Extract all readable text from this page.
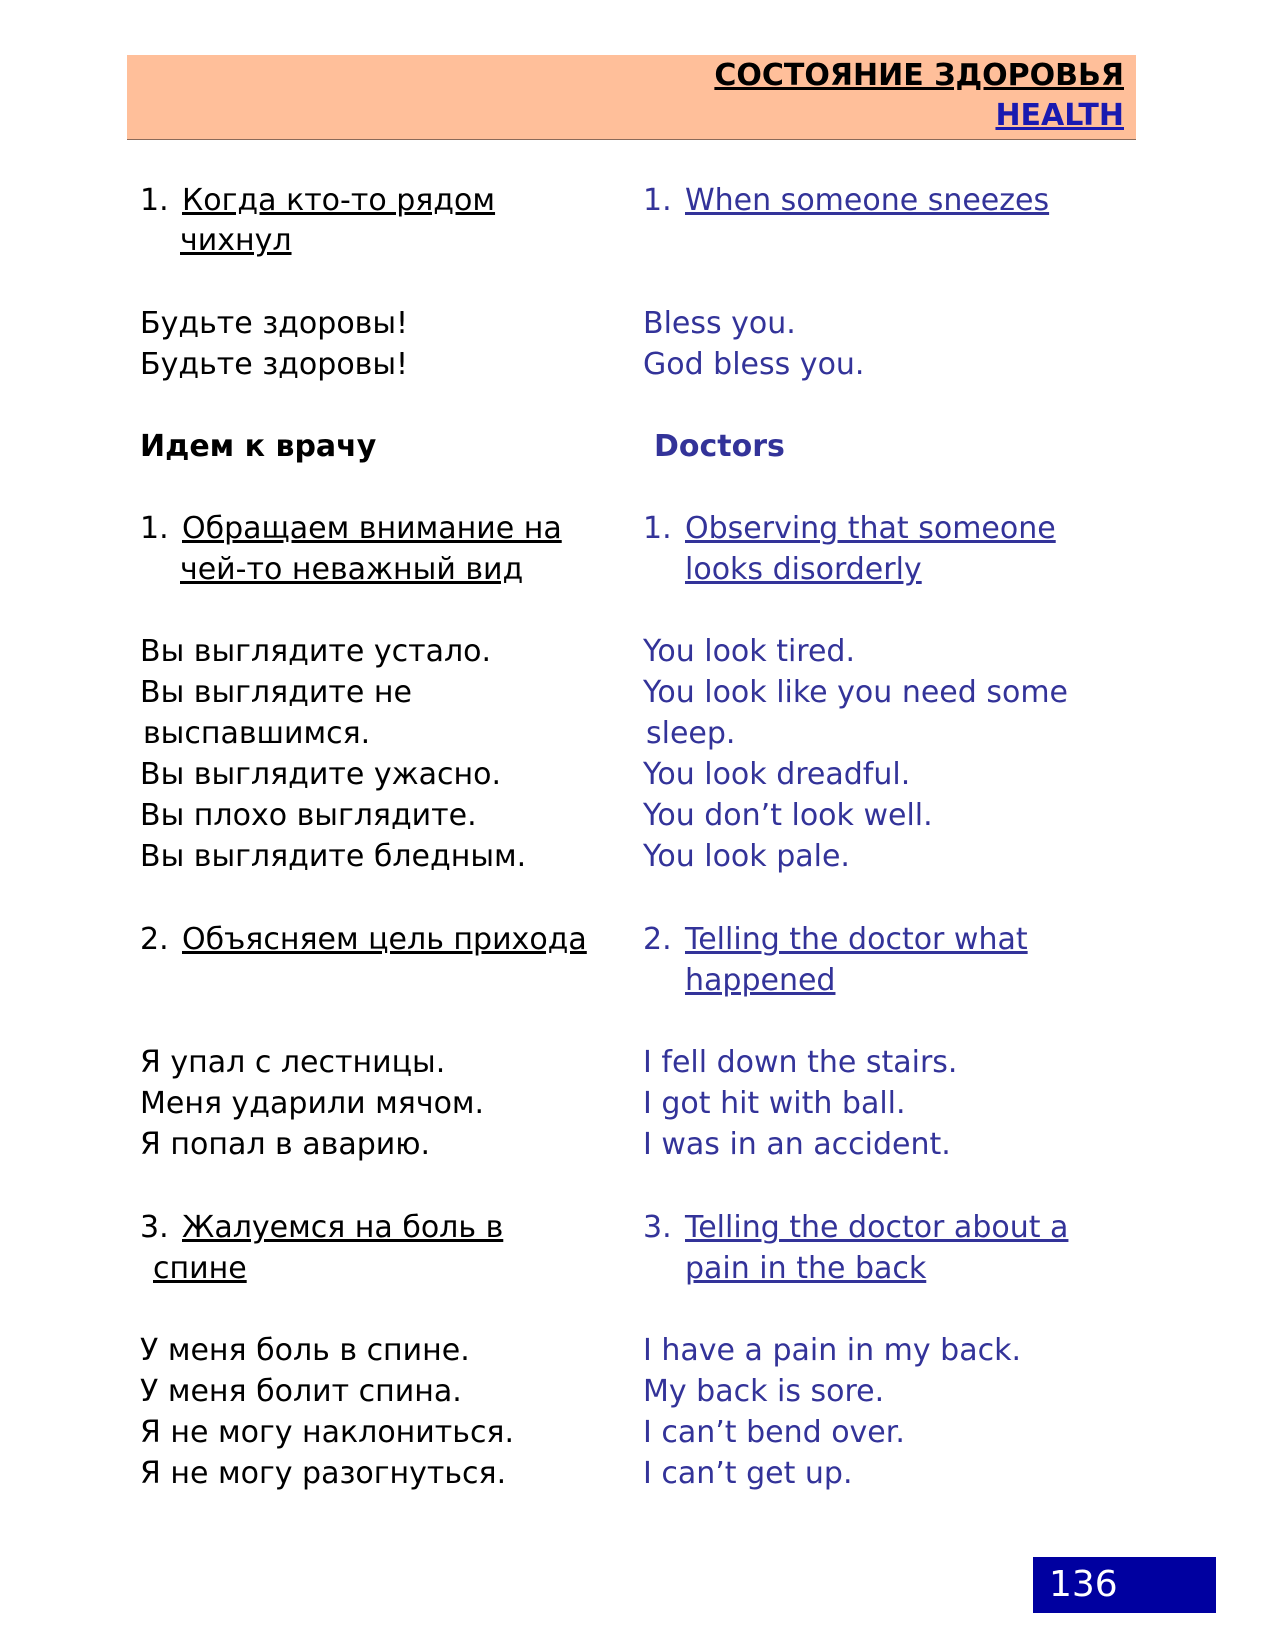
СОСТОЯНИЕ ЗДОРОВЬЯ
HEALTH
1. Когда кто-то рядом
чихнул
1. When someone sneezes
Будьте здоровы!
Будьте здоровы!
Bless you.
God bless you.
Идем к врачу	Doctors
1. Обращаем внимание на
чей-то неважный вид
1. Observing that someone
looks disorderly
Вы выглядите устало.
Вы выглядите не
выспавшимся.
Вы выглядите ужасно.
Вы плохо выглядите.
Вы выглядите бледным.
You look tired.
You look like you need some
sleep.
You look dreadful.
You don’t look well.
You look pale.
2. Объясняем цель прихода 2. Telling the doctor what
happened
Я упал с лестницы.
Меня ударили мячом.
Я попал в аварию.
I fell down the stairs.
I got hit with ball.
I was in an accident.
3. Жалуемся на боль в
спине
3. Telling the doctor about a
pain in the back
У меня боль в спине.
У меня болит спина.
Я не могу наклониться.
Я не могу разогнуться.
I have a pain in my back.
My back is sore.
I can’t bend over.
I can’t get up.
136
